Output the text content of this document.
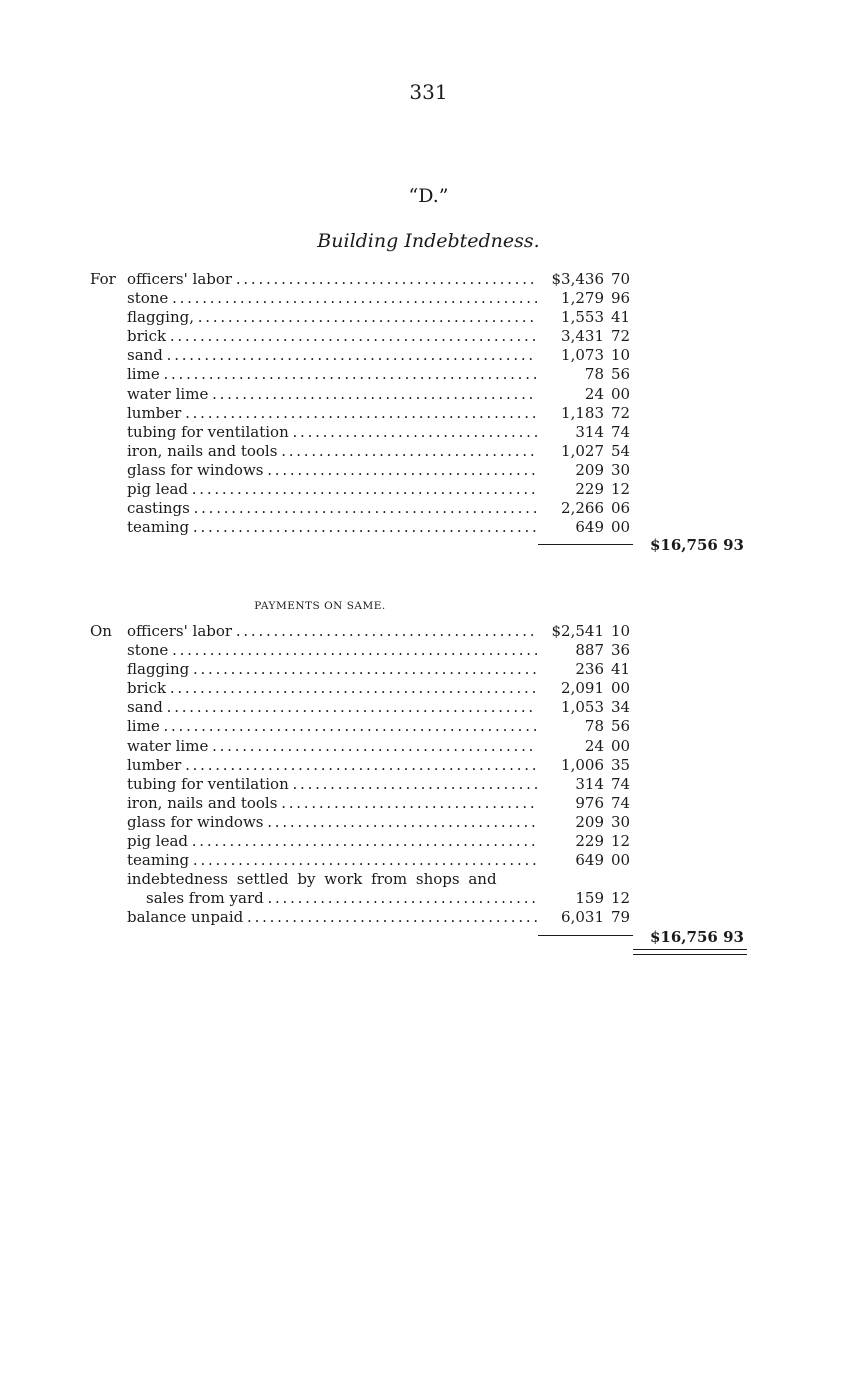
331
“D.”
Building Indebtedness.
For officers' labor . . .	$3,436 70
stone . . .	1,279 96
flagging, . . .	1,553 41
brick . . .	3,431 72
sand . . .	1,073 10
lime . . .	78 56
water lime . . .	24 00
lumber . . .	1,183 72
tubing for ventilation . . .	314 74
iron, nails and tools . . .	1,027 54
glass for windows . . .	209 30
pig lead . . .	229 12
castings . . .	2,266 06
teaming . . .	649 00
$16,756 93
PAYMENTS ON SAME.
On	officers' labor . . .	$2,541 10
stone . . .	887 36
flagging . . .	236 41
brick . . .	2,091 00
sand . . .	1,053 34
lime . . .	78 56
water lime . . .	24 00
lumber . . .	1,006 35
tubing for ventilation . . .	314 74
iron, nails and tools . . .	976 74
glass for windows . . .	209 30
pig lead . . .	229 12
teaming . . .	649 00
indebtedness settled by work from shops and
sales from yard . . .	159 12
balance unpaid . . .	6,031 79
$16,756 93
